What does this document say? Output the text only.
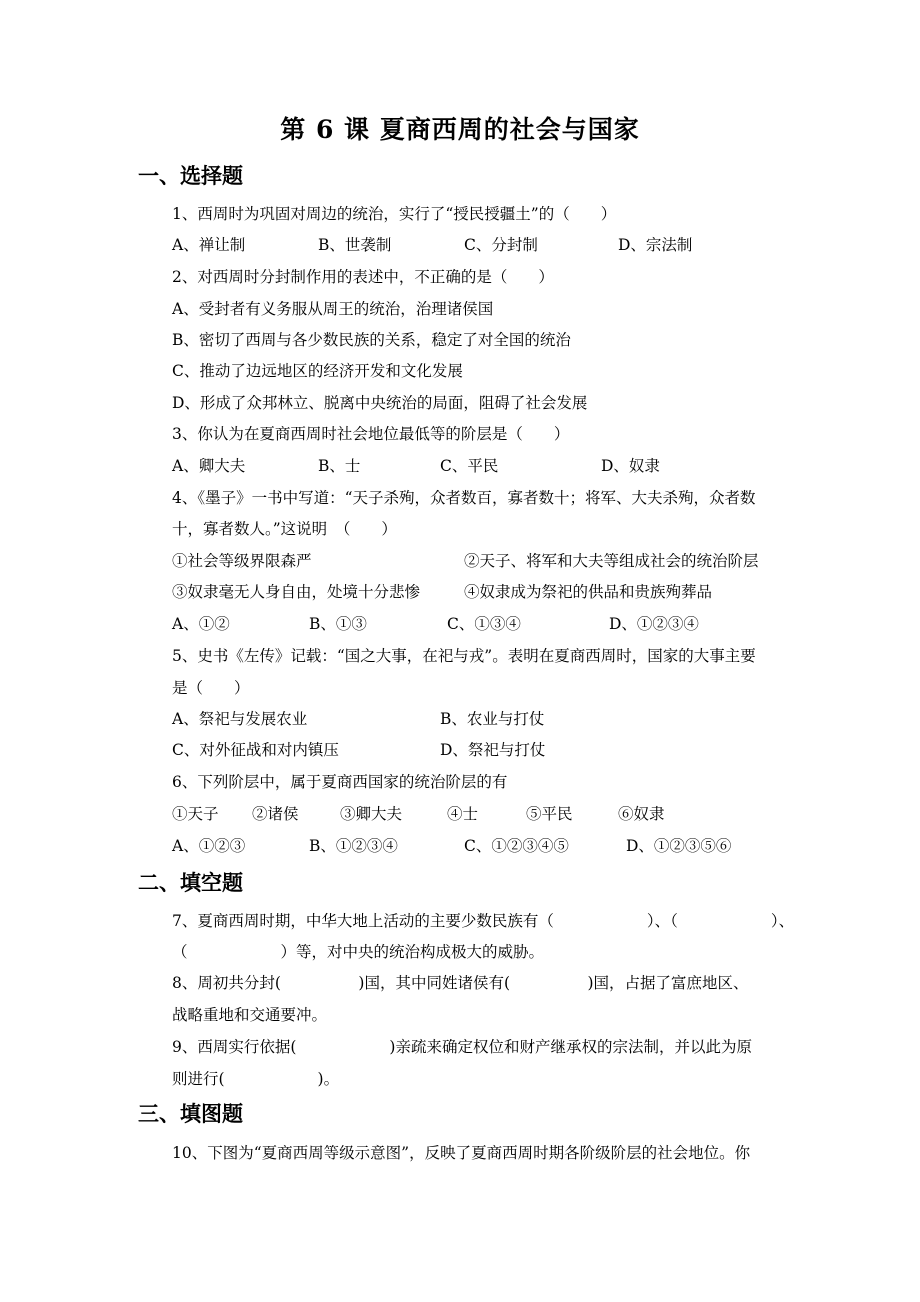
第 6 课 夏商西周的社会与国家
一、选择题
1、西周时为巩固对周边的统治，实行了“授民授疆土”的（　　）
A、禅让制	B、世袭制	C、分封制	D、宗法制
2、对西周时分封制作用的表述中，不正确的是（　　）
A、受封者有义务服从周王的统治，治理诸侯国
B、密切了西周与各少数民族的关系，稳定了对全国的统治
C、推动了边远地区的经济开发和文化发展
D、形成了众邦林立、脱离中央统治的局面，阻碍了社会发展
3、你认为在夏商西周时社会地位最低等的阶层是（　　）
A、卿大夫	B、士	C、平民	D、奴隶
4、《墨子》一书中写道：“天子杀殉，众者数百，寡者数十；将军、大夫杀殉，众者数
十，寡者数人。”这说明　（　　）
①社会等级界限森严	②天子、将军和大夫等组成社会的统治阶层
③奴隶毫无人身自由，处境十分悲惨	④奴隶成为祭祀的供品和贵族殉葬品
A、①②	B、①③	C、①③④	D、①②③④
5、史书《左传》记载：“国之大事，在祀与戎”。表明在夏商西周时，国家的大事主要
是（　　）
A、祭祀与发展农业	B、农业与打仗
C、对外征战和对内镇压	D、祭祀与打仗
6、下列阶层中，属于夏商西国家的统治阶层的有
①天子 ②诸侯	③卿大夫	④士	⑤平民	⑥奴隶
A、①②③	B、①②③④	C、①②③④⑤	D、①②③⑤⑥
二、填空题
7、夏商西周时期，中华大地上活动的主要少数民族有（　　　　　　）、（　　　　　　）、
（　　　　　　）等，对中央的统治构成极大的威胁。
8、周初共分封(　　　　　)国，其中同姓诸侯有(　　　　　)国，占据了富庶地区、
战略重地和交通要冲。
9、西周实行依据(　　　　　　)亲疏来确定权位和财产继承权的宗法制，并以此为原
则进行(　　　　　　)。
三、填图题
10、下图为“夏商西周等级示意图”，反映了夏商西周时期各阶级阶层的社会地位。你
